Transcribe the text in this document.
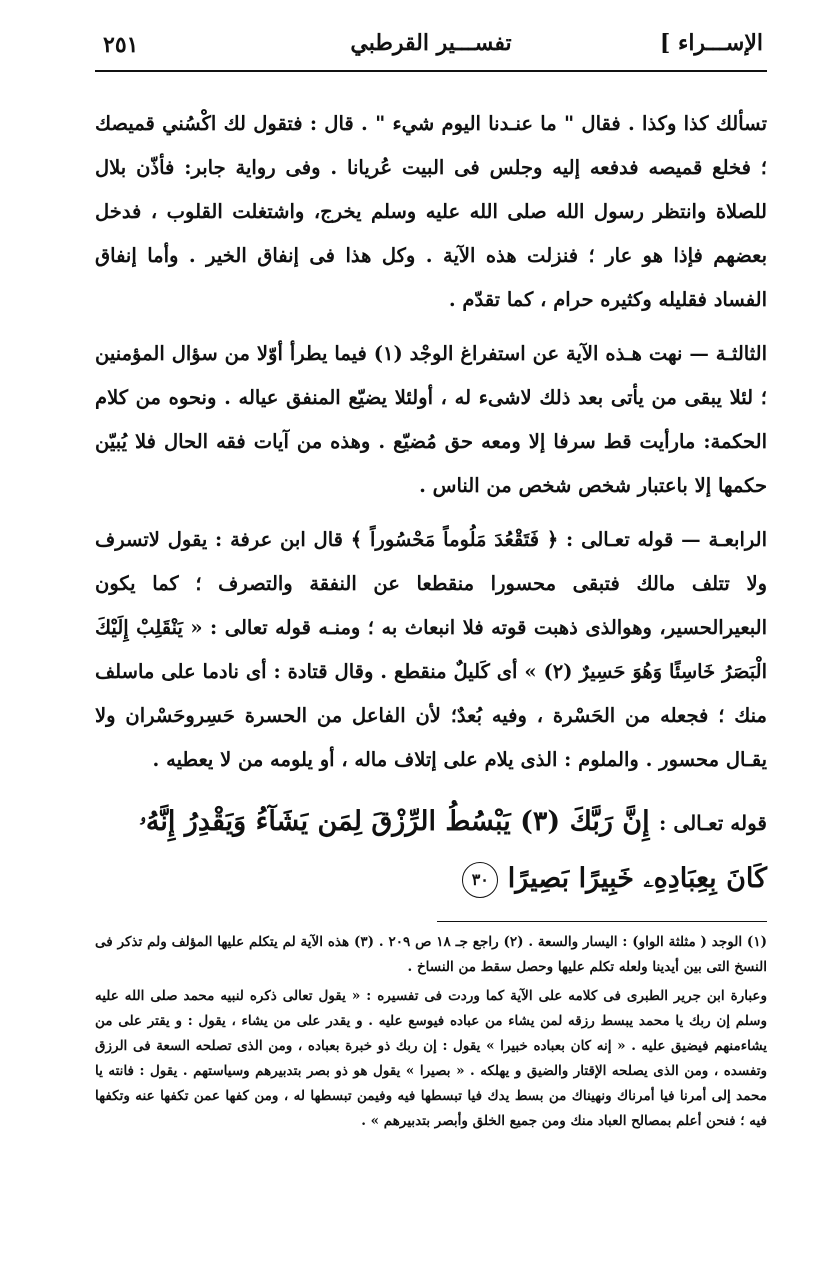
الإســـراء ]
تفســـير القرطبي
٢٥١

تسألك كذا وكذا . فقال " ما عنـدنا اليوم شيء " . قال : فتقول لك اكْسُني قميصك ؛ فخلع قميصه فدفعه إليه وجلس فى البيت عُريانا . وفى رواية جابر: فأذّن بلال للصلاة وانتظر رسول الله صلى الله عليه وسلم يخرج، واشتغلت القلوب ، فدخل بعضهم فإذا هو عار ؛ فنزلت هذه الآية . وكل هذا فى إنفاق الخير . وأما إنفاق الفساد فقليله وكثيره حرام ، كما تقدّم .

الثالثـة — نهت هـذه الآية عن استفراغ الوجْد (١) فيما يطرأ أوّلا من سؤال المؤمنين ؛ لئلا يبقى من يأتى بعد ذلك لاشىء له ، أولئلا يضيّع المنفق عياله . ونحوه من كلام الحكمة: مارأيت قط سرفا إلا ومعه حق مُضيّع . وهذه من آيات فقه الحال فلا يُبيّن حكمها إلا باعتبار شخص شخص من الناس .

الرابعـة — قوله تعـالى : ﴿ فَتَقْعُدَ مَلُوماً مَحْسُوراً ﴾ قال ابن عرفة : يقول لاتسرف ولا تتلف مالك فتبقى محسورا منقطعا عن النفقة والتصرف ؛ كما يكون البعيرالحسير، وهوالذى ذهبت قوته فلا انبعاث به ؛ ومنـه قوله تعالى : « يَنْقَلِبْ إِلَيْكَ الْبَصَرُ خَاسِئًا وَهُوَ حَسِيرٌ (٢) » أى كَليلٌ منقطع . وقال قتادة : أى نادما على ماسلف منك ؛ فجعله من الحَسْرة ، وفيه بُعدٌ؛ لأن الفاعل من الحسرة حَسِروحَسْران ولا يقـال محسور . والملوم : الذى يلام على إتلاف ماله ، أو يلومه من لا يعطيه .

قوله تعـالى : إِنَّ رَبَّكَ (٣) يَبْسُطُ الرِّزْقَ لِمَن يَشَآءُ وَيَقْدِرُ إِنَّهُۥ كَانَ بِعِبَادِهِۦ خَبِيرًا بَصِيرًا ٣٠

(١) الوجد ( مثلثة الواو) : اليسار والسعة . (٢) راجع جـ ١٨ ص ٢٠٩ . (٣) هذه الآية لم يتكلم عليها المؤلف ولم تذكر فى النسخ التى بين أيدينا ولعله تكلم عليها وحصل سقط من النساخ .

وعبارة ابن جرير الطبرى فى كلامه على الآية كما وردت فى تفسيره : « يقول تعالى ذكره لنبيه محمد صلى الله عليه وسلم إن ربك يا محمد يبسط رزقه لمن يشاء من عباده فيوسع عليه . و يقدر على من يشاء ، يقول : و يقتر على من يشاءمنهم فيضيق عليه . « إنه كان بعباده خبيرا » يقول : إن ربك ذو خبرة بعباده ، ومن الذى تصلحه السعة فى الرزق وتفسده ، ومن الذى يصلحه الإقتار والضيق و يهلكه . « بصيرا » يقول هو ذو بصر بتدبيرهم وسياستهم . يقول : فانته يا محمد إلى أمرنا فيا أمرناك ونهيناك من بسط يدك فيا تبسطها فيه وفيمن تبسطها له ، ومن كفها عمن تكفها عنه وتكفها فيه ؛ فنحن أعلم بمصالح العباد منك ومن جميع الخلق وأبصر بتدبيرهم » .
